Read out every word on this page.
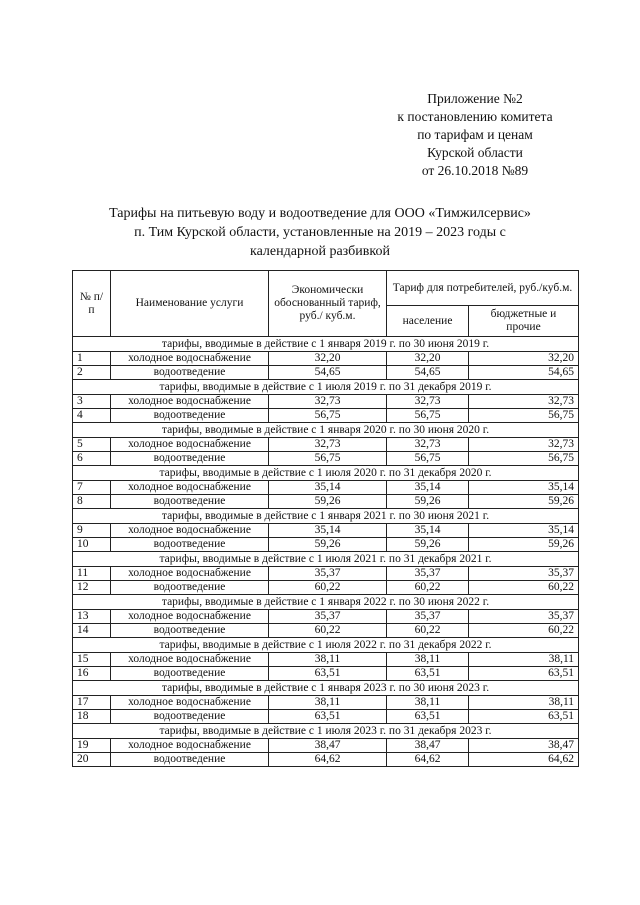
Приложение №2
к постановлению комитета
по тарифам и ценам
Курской области
от 26.10.2018 №89
Тарифы на питьевую воду и водоотведение для ООО «Тимжилсервис»
п. Тим Курской области, установленные на 2019 – 2023 годы с
календарной разбивкой
№ п/п	Наименование услуги	Экономически обоснованный тариф, руб./ куб.м.	Тариф для потребителей, руб./куб.м.	
			население	бюджетные и прочие
тарифы, вводимые в действие с 1 января 2019 г. по 30 июня 2019 г.				
1	холодное водоснабжение	32,20	32,20	32,20
2	водоотведение	54,65	54,65	54,65
тарифы, вводимые в действие с 1 июля 2019 г. по 31 декабря 2019 г.				
3	холодное водоснабжение	32,73	32,73	32,73
4	водоотведение	56,75	56,75	56,75
тарифы, вводимые в действие с 1 января 2020 г. по 30 июня 2020 г.				
5	холодное водоснабжение	32,73	32,73	32,73
6	водоотведение	56,75	56,75	56,75
тарифы, вводимые в действие с 1 июля 2020 г. по 31 декабря 2020 г.				
7	холодное водоснабжение	35,14	35,14	35,14
8	водоотведение	59,26	59,26	59,26
тарифы, вводимые в действие с 1 января 2021 г. по 30 июня 2021 г.				
9	холодное водоснабжение	35,14	35,14	35,14
10	водоотведение	59,26	59,26	59,26
тарифы, вводимые в действие с 1 июля 2021 г. по 31 декабря 2021 г.				
11	холодное водоснабжение	35,37	35,37	35,37
12	водоотведение	60,22	60,22	60,22
тарифы, вводимые в действие с 1 января 2022 г. по 30 июня 2022 г.				
13	холодное водоснабжение	35,37	35,37	35,37
14	водоотведение	60,22	60,22	60,22
тарифы, вводимые в действие с 1 июля 2022 г. по 31 декабря 2022 г.				
15	холодное водоснабжение	38,11	38,11	38,11
16	водоотведение	63,51	63,51	63,51
тарифы, вводимые в действие с 1 января 2023 г. по 30 июня 2023 г.				
17	холодное водоснабжение	38,11	38,11	38,11
18	водоотведение	63,51	63,51	63,51
тарифы, вводимые в действие с 1 июля 2023 г. по 31 декабря 2023 г.				
19	холодное водоснабжение	38,47	38,47	38,47
20	водоотведение	64,62	64,62	64,62
